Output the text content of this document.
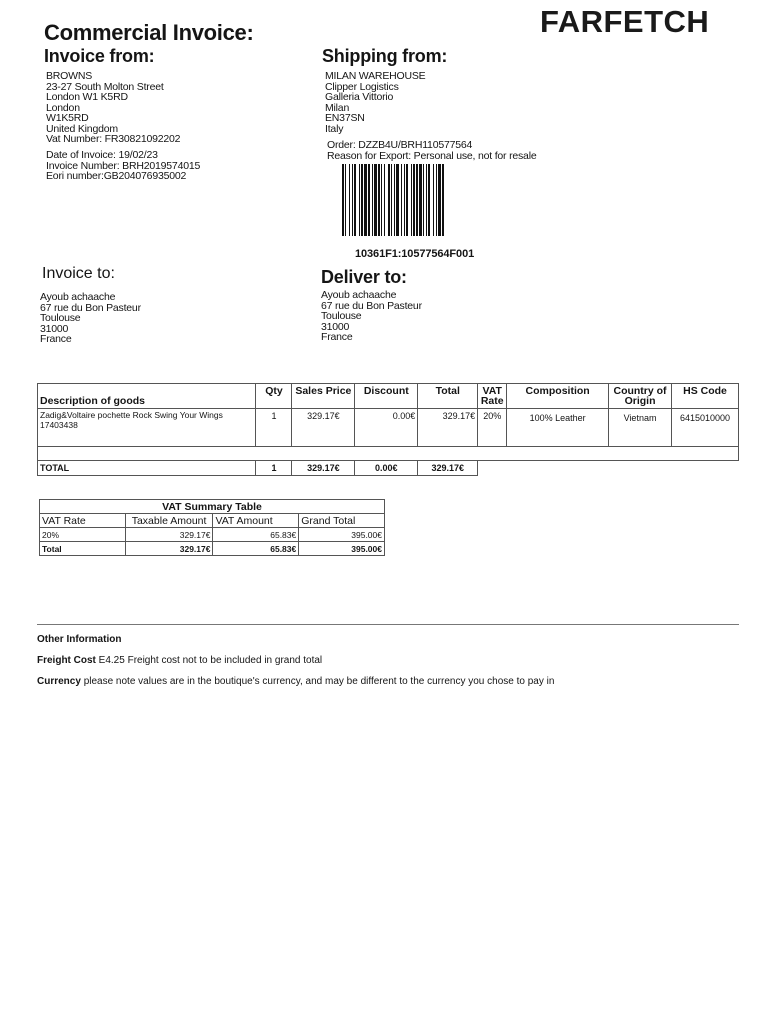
Commercial Invoice:	FARFETCH
Invoice from:
BROWNS
23-27 South Molton Street
London W1 K5RD
London
W1K5RD
United Kingdom
Vat Number: FR30821092202
Date of Invoice: 19/02/23
Invoice Number: BRH2019574015
Eori number:GB204076935002
Shipping from:
MILAN WAREHOUSE
Clipper Logistics
Galleria Vittorio
Milan
EN37SN
Italy
Order: DZZB4U/BRH110577564
Reason for Export: Personal use, not for resale
10361F1:10577564F001
Invoice to:
Ayoub achaache
67 rue du Bon Pasteur
Toulouse
31000
France
Deliver to:
Ayoub achaache
67 rue du Bon Pasteur
Toulouse
31000
France
Description of goods	Qty	Sales Price	Discount	Total	VAT Rate	Composition	Country of Origin	HS Code

Zadig&Voltaire pochette Rock Swing Your Wings
17403438	1	329.17€	0.00€	329.17€	20%	100% Leather	Vietnam	6415010000

TOTAL	1	329.17€	0.00€	329.17€				
VAT Summary Table			
VAT Rate	Taxable Amount	VAT Amount	Grand Total
20%	329.17€	65.83€	395.00€
Total	329.17€	65.83€	395.00€
Other Information
Freight Cost E4.25 Freight cost not to be included in grand total
Currency please note values are in the boutique's currency, and may be different to the currency you chose to pay in
